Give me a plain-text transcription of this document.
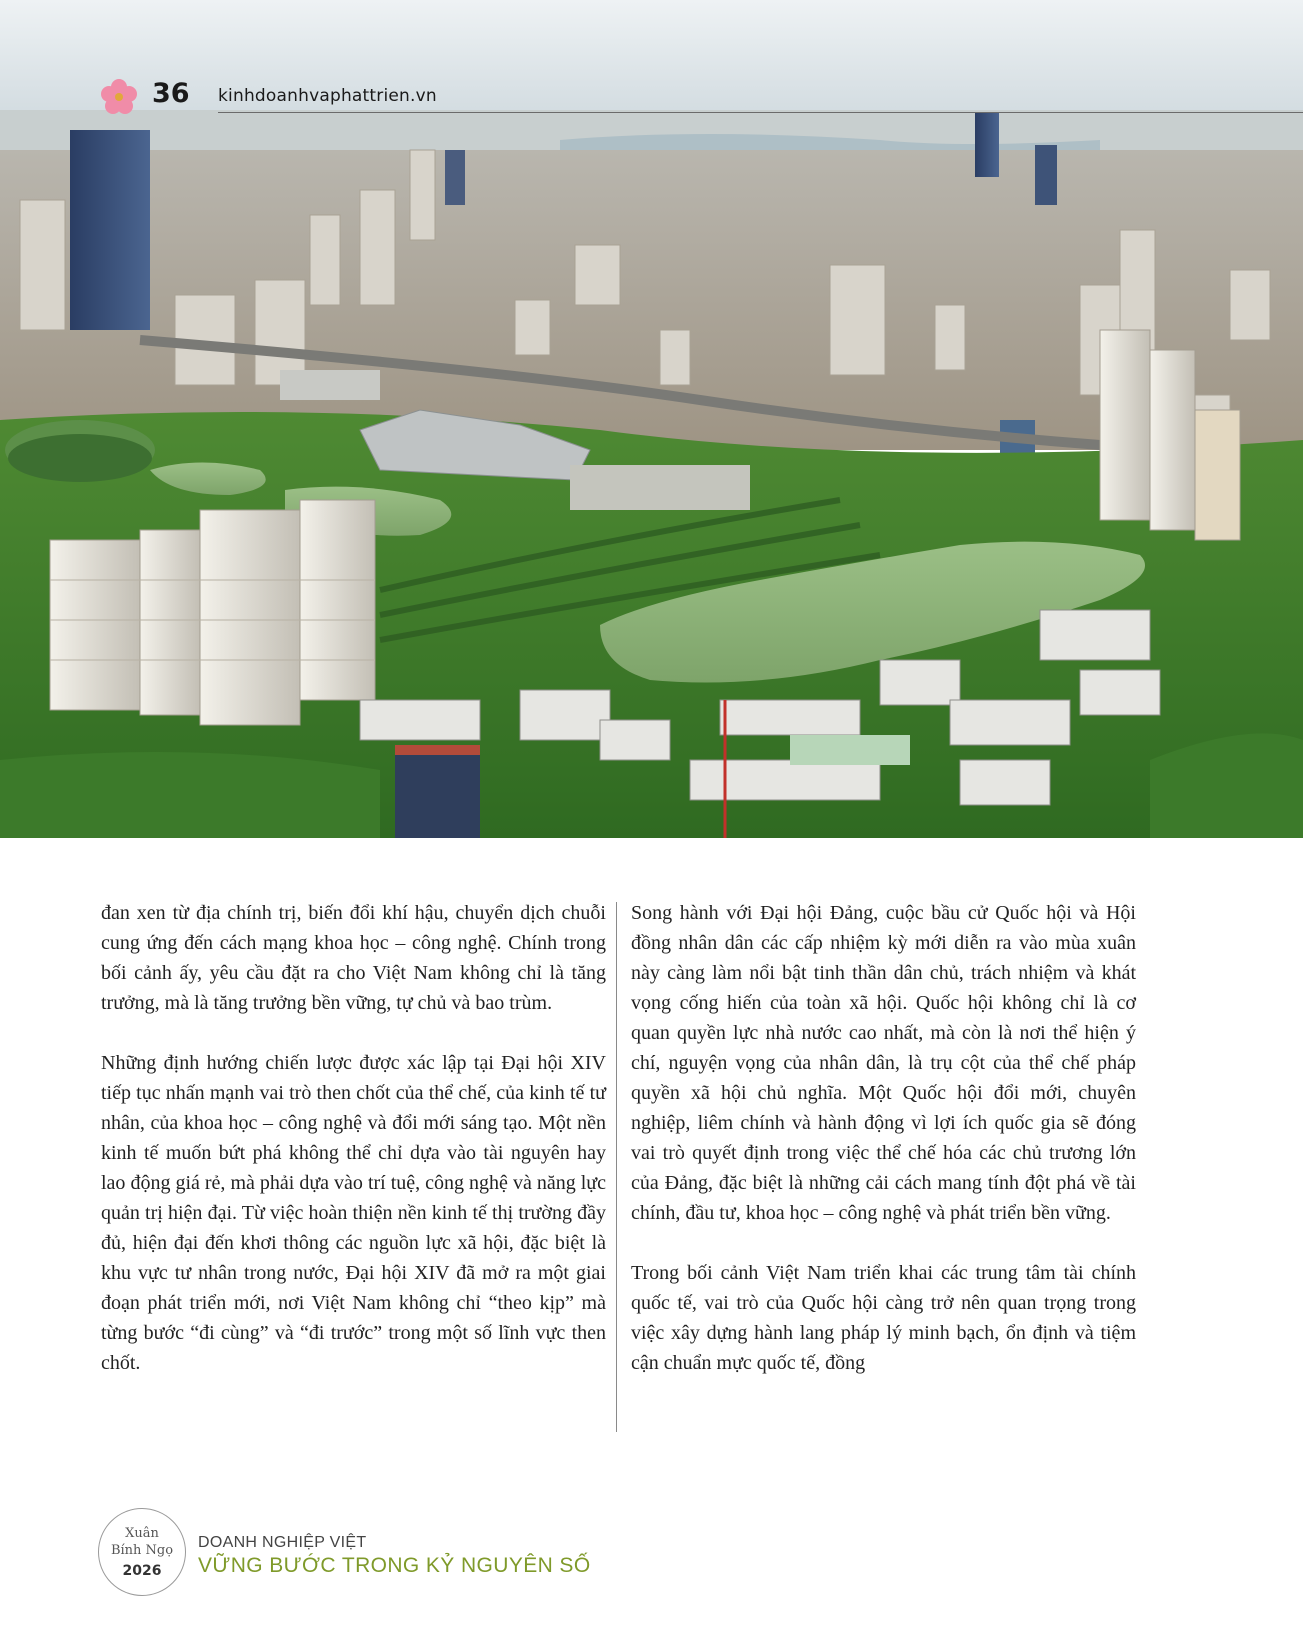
36 kinhdoanhvaphattrien.vn

đan xen từ địa chính trị, biến đổi khí hậu, chuyển dịch chuỗi cung ứng đến cách mạng khoa học – công nghệ. Chính trong bối cảnh ấy, yêu cầu đặt ra cho Việt Nam không chỉ là tăng trưởng, mà là tăng trưởng bền vững, tự chủ và bao trùm.

Những định hướng chiến lược được xác lập tại Đại hội XIV tiếp tục nhấn mạnh vai trò then chốt của thể chế, của kinh tế tư nhân, của khoa học – công nghệ và đổi mới sáng tạo. Một nền kinh tế muốn bứt phá không thể chỉ dựa vào tài nguyên hay lao động giá rẻ, mà phải dựa vào trí tuệ, công nghệ và năng lực quản trị hiện đại. Từ việc hoàn thiện nền kinh tế thị trường đầy đủ, hiện đại đến khơi thông các nguồn lực xã hội, đặc biệt là khu vực tư nhân trong nước, Đại hội XIV đã mở ra một giai đoạn phát triển mới, nơi Việt Nam không chỉ “theo kịp” mà từng bước “đi cùng” và “đi trước” trong một số lĩnh vực then chốt.

Song hành với Đại hội Đảng, cuộc bầu cử Quốc hội và Hội đồng nhân dân các cấp nhiệm kỳ mới diễn ra vào mùa xuân này càng làm nổi bật tinh thần dân chủ, trách nhiệm và khát vọng cống hiến của toàn xã hội. Quốc hội không chỉ là cơ quan quyền lực nhà nước cao nhất, mà còn là nơi thể hiện ý chí, nguyện vọng của nhân dân, là trụ cột của thể chế pháp quyền xã hội chủ nghĩa. Một Quốc hội đổi mới, chuyên nghiệp, liêm chính và hành động vì lợi ích quốc gia sẽ đóng vai trò quyết định trong việc thể chế hóa các chủ trương lớn của Đảng, đặc biệt là những cải cách mang tính đột phá về tài chính, đầu tư, khoa học – công nghệ và phát triển bền vững.

Trong bối cảnh Việt Nam triển khai các trung tâm tài chính quốc tế, vai trò của Quốc hội càng trở nên quan trọng trong việc xây dựng hành lang pháp lý minh bạch, ổn định và tiệm cận chuẩn mực quốc tế, đồng

Xuân
Bính Ngọ
2026
DOANH NGHIỆP VIỆT
VỮNG BƯỚC TRONG KỶ NGUYÊN SỐ
